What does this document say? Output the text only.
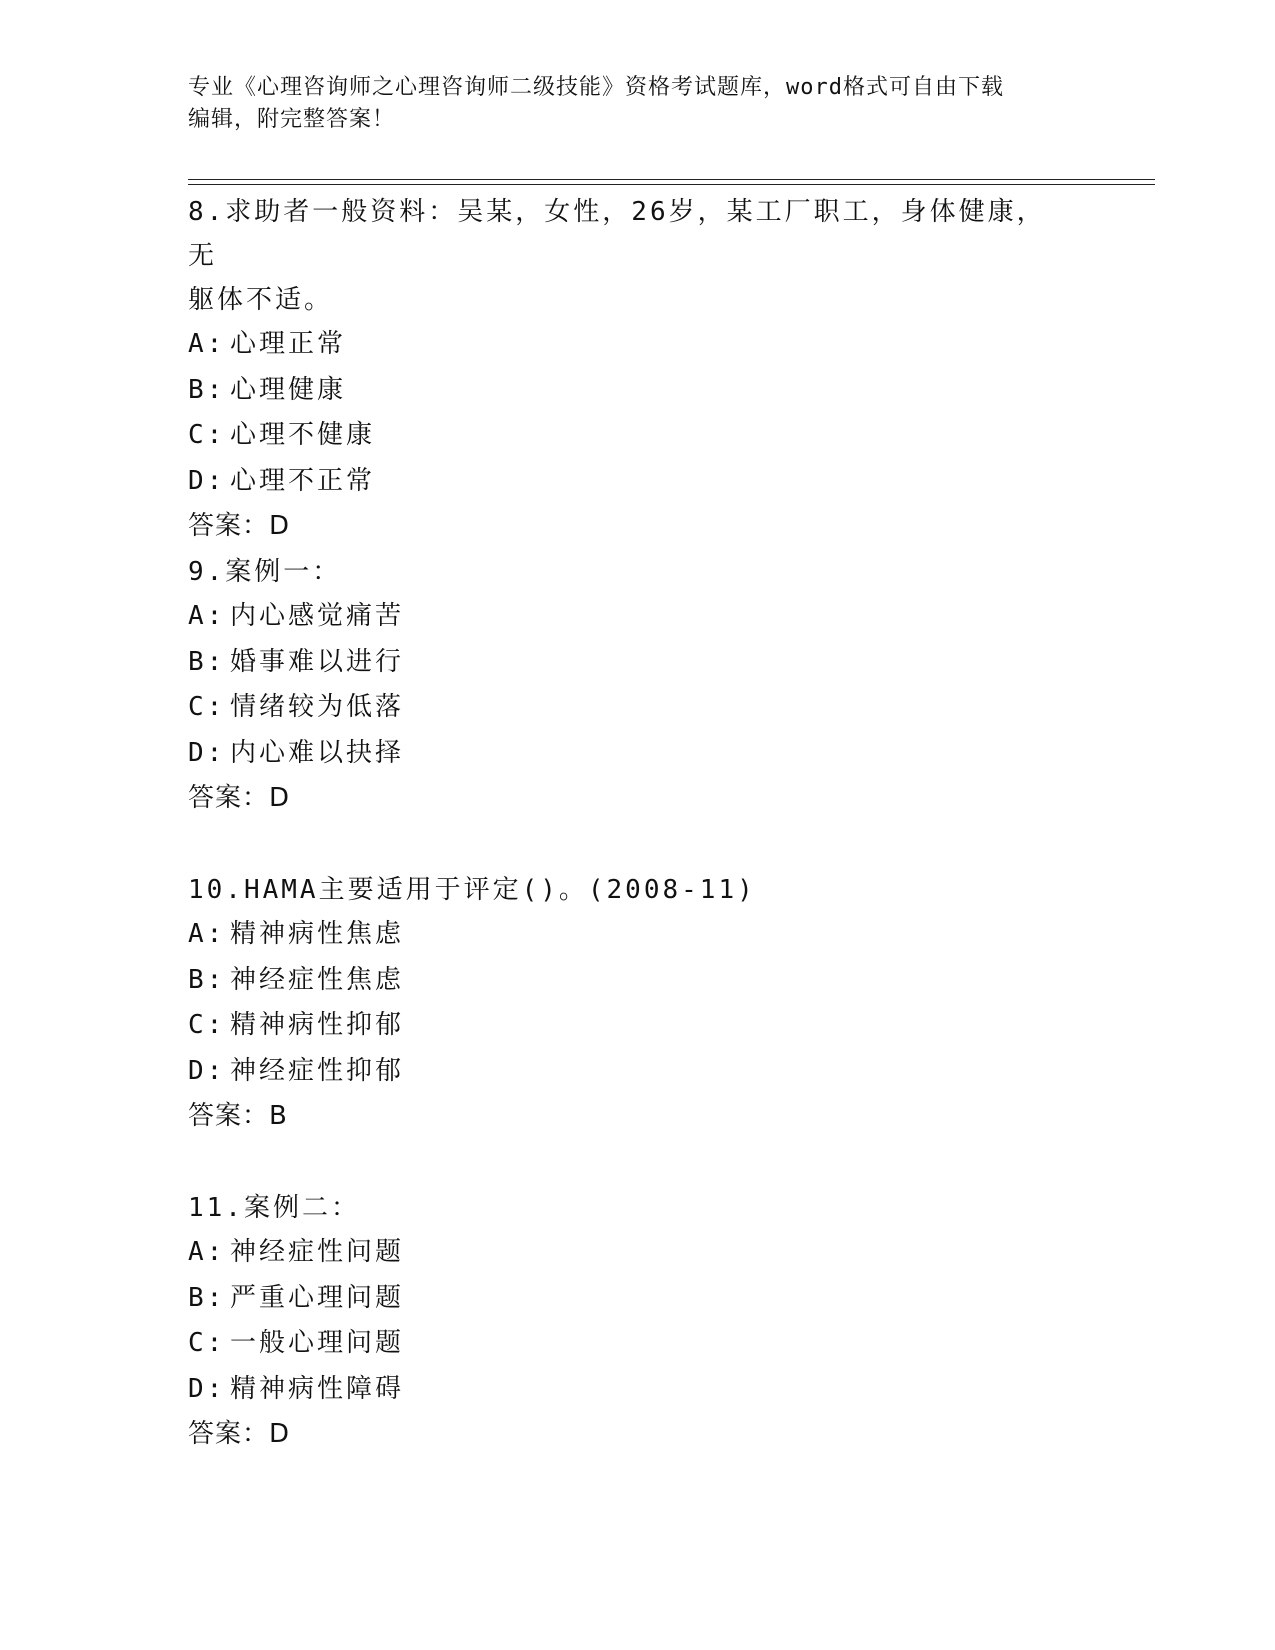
专业《心理咨询师之心理咨询师二级技能》资格考试题库，word格式可自由下载
编辑，附完整答案！
8.求助者一般资料：吴某，女性，26岁，某工厂职工，身体健康，无
躯体不适。
A: 心理正常
B: 心理健康
C: 心理不健康
D: 心理不正常
答案：D
9.案例一：
A: 内心感觉痛苦
B: 婚事难以进行
C: 情绪较为低落
D: 内心难以抉择
答案：D
10.HAMA主要适用于评定()。(2008-11)
A: 精神病性焦虑
B: 神经症性焦虑
C: 精神病性抑郁
D: 神经症性抑郁
答案：B
11.案例二：
A: 神经症性问题
B: 严重心理问题
C: 一般心理问题
D: 精神病性障碍
答案：D
